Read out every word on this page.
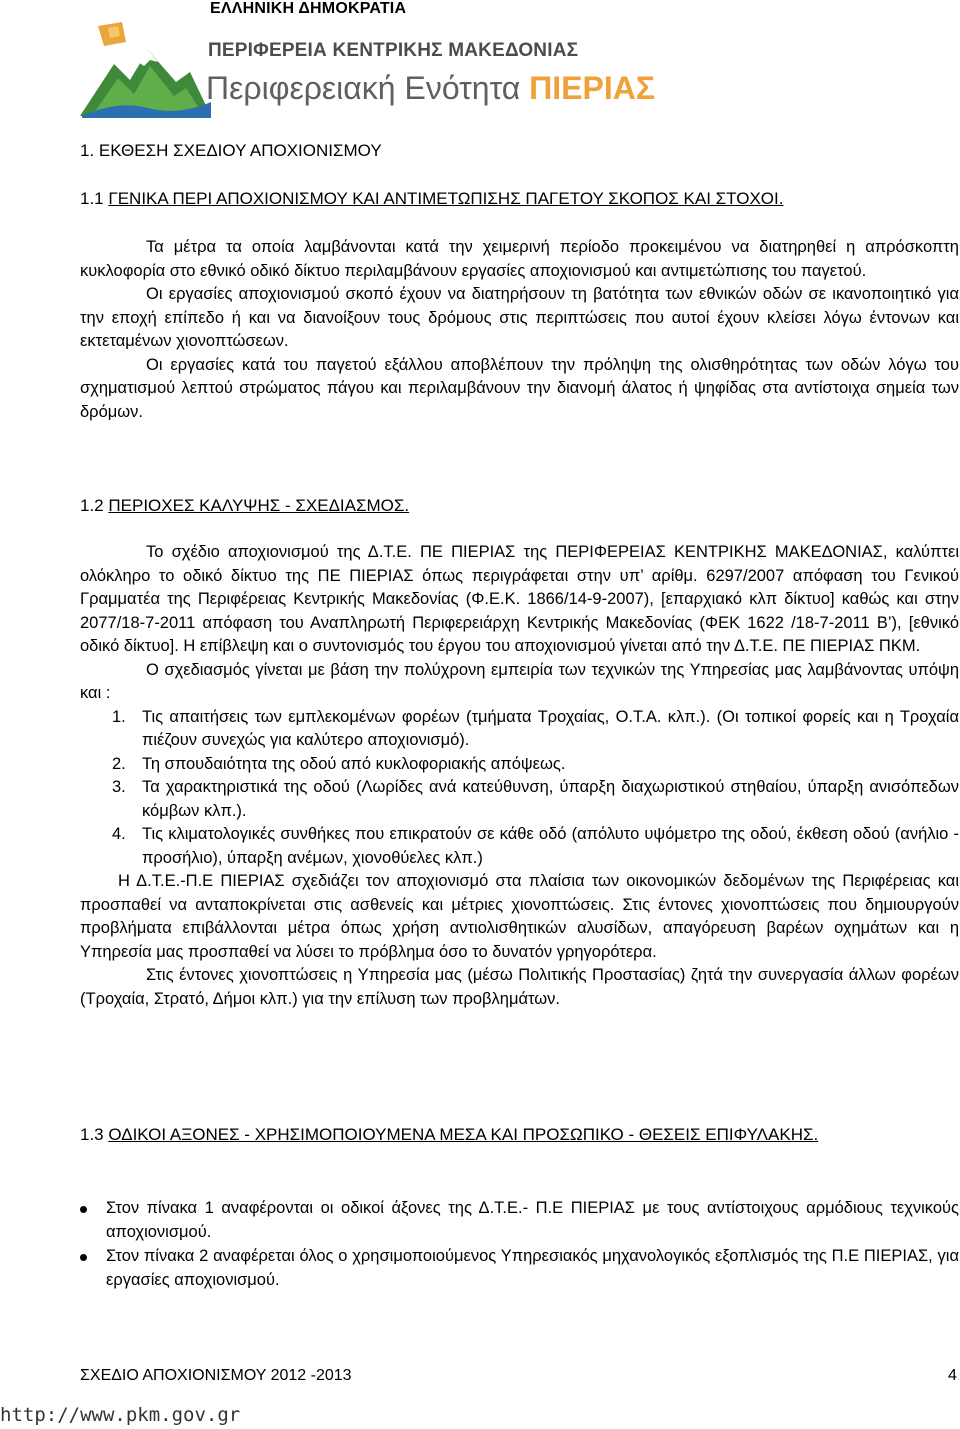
ΕΛΛΗΝΙΚΗ ΔΗΜΟΚΡΑΤΙΑ
ΠΕΡΙΦΕΡΕΙΑ ΚΕΝΤΡΙΚΗΣ ΜΑΚΕΔΟΝΙΑΣ
Περιφερειακή Ενότητα ΠΙΕΡΙΑΣ
1. ΕΚΘΕΣΗ ΣΧΕΔΙΟΥ ΑΠΟΧΙΟΝΙΣΜΟΥ
1.1 ΓΕΝΙΚΑ ΠΕΡΙ ΑΠΟΧΙΟΝΙΣΜΟΥ ΚΑΙ ΑΝΤΙΜΕΤΩΠΙΣΗΣ ΠΑΓΕΤΟΥ ΣΚΟΠΟΣ ΚΑΙ ΣΤΟΧΟΙ.

Τα μέτρα τα οποία λαμβάνονται κατά την χειμερινή περίοδο προκειμένου να διατηρηθεί η απρόσκοπτη κυκλοφορία στο εθνικό οδικό δίκτυο περιλαμβάνουν εργασίες αποχιονισμού και αντιμετώπισης του παγετού.

Οι εργασίες αποχιονισμού σκοπό έχουν να διατηρήσουν τη βατότητα των εθνικών οδών σε ικανοποιητικό για την εποχή επίπεδο ή και να διανοίξουν τους δρόμους στις περιπτώσεις που αυτοί έχουν κλείσει λόγω έντονων και εκτεταμένων χιονοπτώσεων.

Οι εργασίες κατά του παγετού εξάλλου αποβλέπουν την πρόληψη της ολισθηρότητας των οδών λόγω του σχηματισμού λεπτού στρώματος πάγου και περιλαμβάνουν την διανομή άλατος ή ψηφίδας στα αντίστοιχα σημεία των δρόμων.

1.2 ΠΕΡΙΟΧΕΣ ΚΑΛΥΨΗΣ - ΣΧΕΔΙΑΣΜΟΣ.

Το σχέδιο αποχιονισμού της Δ.Τ.Ε. ΠΕ ΠΙΕΡΙΑΣ της ΠΕΡΙΦΕΡΕΙΑΣ ΚΕΝΤΡΙΚΗΣ ΜΑΚΕΔΟΝΙΑΣ, καλύπτει ολόκληρο το οδικό δίκτυο της ΠΕ ΠΙΕΡΙΑΣ όπως περιγράφεται στην υπ’ αρίθμ. 6297/2007 απόφαση του Γενικού Γραμματέα της Περιφέρειας Κεντρικής Μακεδονίας (Φ.Ε.Κ. 1866/14-9-2007), [επαρχιακό κλπ δίκτυο] καθώς και στην 2077/18-7-2011 απόφαση του Αναπληρωτή Περιφερειάρχη Κεντρικής Μακεδονίας (ΦΕΚ 1622 /18-7-2011 Β’), [εθνικό οδικό δίκτυο]. Η επίβλεψη και ο συντονισμός του έργου του αποχιονισμού γίνεται από την Δ.Τ.Ε. ΠΕ ΠΙΕΡΙΑΣ ΠΚΜ.

Ο σχεδιασμός γίνεται με βάση την πολύχρονη εμπειρία των τεχνικών της Υπηρεσίας μας λαμβάνοντας υπόψη και :

1. Τις απαιτήσεις των εμπλεκομένων φορέων (τμήματα Τροχαίας, Ο.Τ.Α. κλπ.). (Οι τοπικοί φορείς και η Τροχαία πιέζουν συνεχώς για καλύτερο αποχιονισμό).
2. Τη σπουδαιότητα της οδού από κυκλοφοριακής απόψεως.
3. Τα χαρακτηριστικά της οδού (Λωρίδες ανά κατεύθυνση, ύπαρξη διαχωριστικού στηθαίου, ύπαρξη ανισόπεδων κόμβων κλπ.).
4. Τις κλιματολογικές συνθήκες που επικρατούν σε κάθε οδό (απόλυτο υψόμετρο της οδού, έκθεση οδού (ανήλιο - προσήλιο), ύπαρξη ανέμων, χιονοθύελες κλπ.)

Η Δ.Τ.Ε.-Π.Ε ΠΙΕΡΙΑΣ σχεδιάζει τον αποχιονισμό στα πλαίσια των οικονομικών δεδομένων της Περιφέρειας και προσπαθεί να ανταποκρίνεται στις ασθενείς και μέτριες χιονοπτώσεις. Στις έντονες χιονοπτώσεις που δημιουργούν προβλήματα επιβάλλονται μέτρα όπως χρήση αντιολισθητικών αλυσίδων, απαγόρευση βαρέων οχημάτων και η Υπηρεσία μας προσπαθεί να λύσει το πρόβλημα όσο το δυνατόν γρηγορότερα.

Στις έντονες χιονοπτώσεις η Υπηρεσία μας (μέσω Πολιτικής Προστασίας) ζητά την συνεργασία άλλων φορέων (Τροχαία, Στρατό, Δήμοι κλπ.) για την επίλυση των προβλημάτων.

1.3 ΟΔΙΚΟΙ ΑΞΟΝΕΣ - ΧΡΗΣΙΜΟΠΟΙΟΥΜΕΝΑ ΜΕΣΑ ΚΑΙ ΠΡΟΣΩΠΙΚΟ - ΘΕΣΕΙΣ ΕΠΙΦΥΛΑΚΗΣ.
Στον πίνακα 1 αναφέρονται οι οδικοί άξονες της Δ.Τ.Ε.- Π.Ε ΠΙΕΡΙΑΣ με τους αντίστοιχους αρμόδιους τεχνικούς αποχιονισμού.
Στον πίνακα 2 αναφέρεται όλος ο χρησιμοποιούμενος Υπηρεσιακός μηχανολογικός εξοπλισμός της Π.Ε ΠΙΕΡΙΑΣ, για εργασίες αποχιονισμού.
ΣΧΕΔΙΟ ΑΠΟΧΙΟΝΙΣΜΟΥ 2012 -2013	4
http://www.pkm.gov.gr
